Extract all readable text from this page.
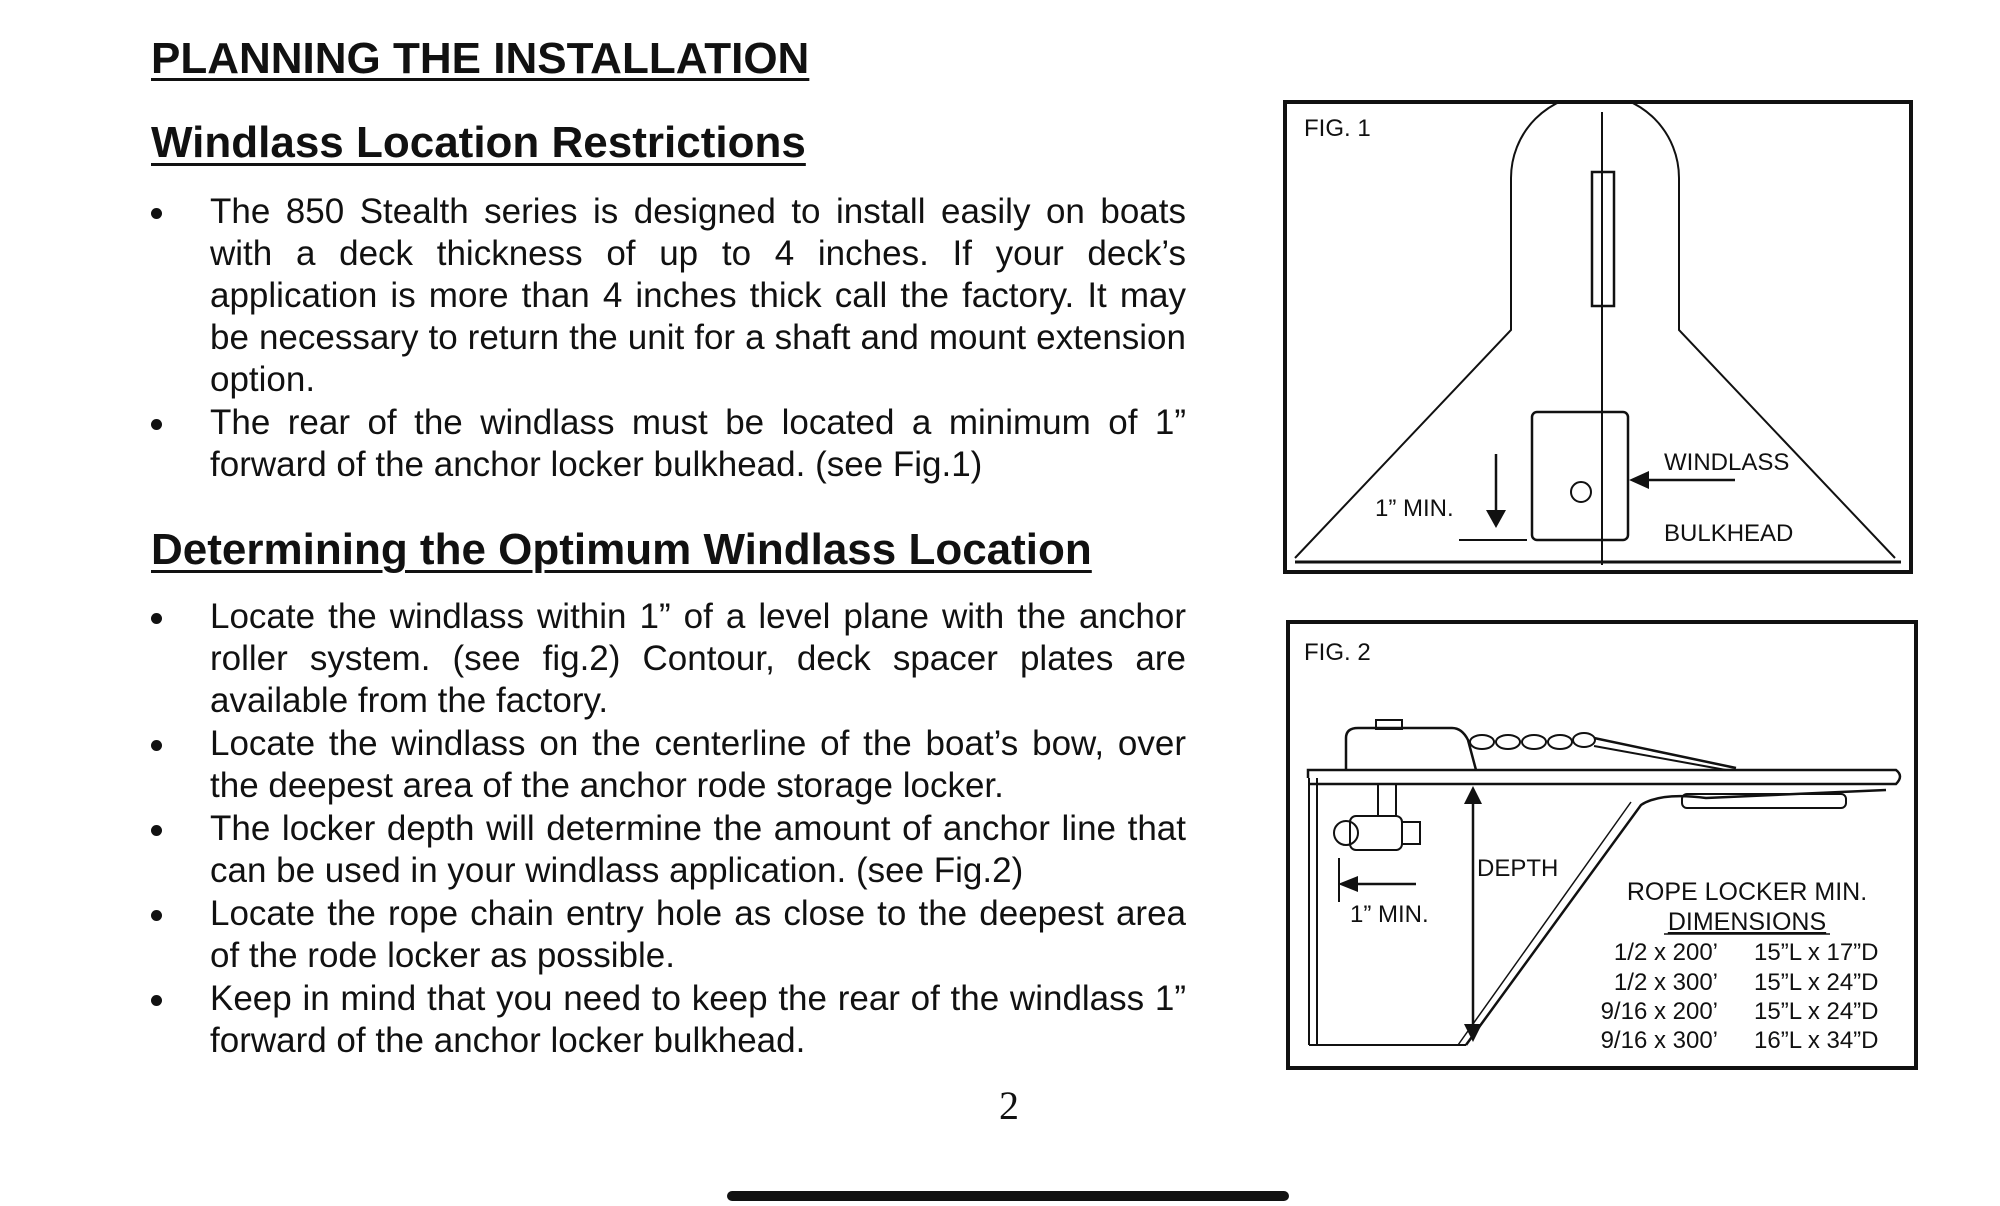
PLANNING THE INSTALLATION
Windlass Location Restrictions
The 850 Stealth series is designed to install easily on boats with a deck thickness of up to 4 inches. If your deck’s application is more than 4 inches thick call the factory. It may be necessary to return the unit for a shaft and mount extension option.
The rear of the windlass must be located a minimum of 1” forward of the anchor locker bulkhead. (see Fig.1)
Determining the Optimum Windlass Location
Locate the windlass within 1” of a level plane with the anchor roller system. (see fig.2) Contour, deck spacer plates are available from the factory.
Locate the windlass on the centerline of the boat’s bow, over the deepest area of the anchor rode storage locker.
The locker depth will determine the amount of anchor line that can be used in your windlass application. (see Fig.2)
Locate the rope chain entry hole as close to the deepest area of the rode locker as possible.
Keep in mind that you need to keep the rear of the windlass 1” forward of the anchor locker bulkhead.
FIG. 1
1” MIN.
WINDLASS
BULKHEAD
FIG. 2
1” MIN.
DEPTH
ROPE LOCKER MIN.
DIMENSIONS
1/2 x 200’ 15”L x 17”D
1/2 x 300’ 15”L x 24”D
9/16 x 200’ 15”L x 24”D
9/16 x 300’ 16”L x 34”D
2
